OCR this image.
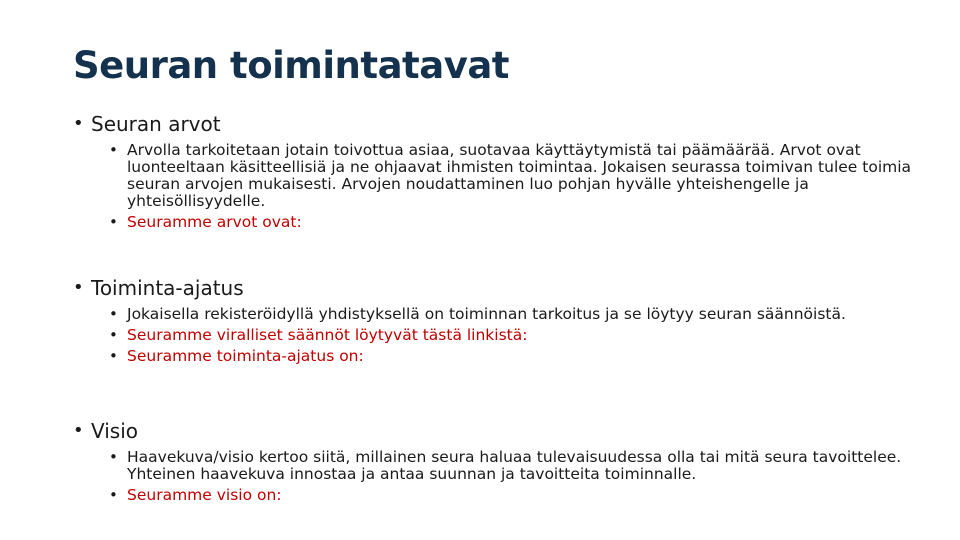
Seuran toimintatavat
• Seuran arvot
• Arvolla tarkoitetaan jotain toivottua asiaa, suotavaa käyttäytymistä tai päämäärää. Arvot ovat luonteeltaan käsitteellisiä ja ne ohjaavat ihmisten toimintaa. Jokaisen seurassa toimivan tulee toimia seuran arvojen mukaisesti. Arvojen noudattaminen luo pohjan hyvälle yhteishengelle ja yhteisöllisyydelle.
• Seuramme arvot ovat:
• Toiminta-ajatus
• Jokaisella rekisteröidyllä yhdistyksellä on toiminnan tarkoitus ja se löytyy seuran säännöistä.
• Seuramme viralliset säännöt löytyvät tästä linkistä:
• Seuramme toiminta-ajatus on:
• Visio
• Haavekuva/visio kertoo siitä, millainen seura haluaa tulevaisuudessa olla tai mitä seura tavoittelee. Yhteinen haavekuva innostaa ja antaa suunnan ja tavoitteita toiminnalle.
• Seuramme visio on:
